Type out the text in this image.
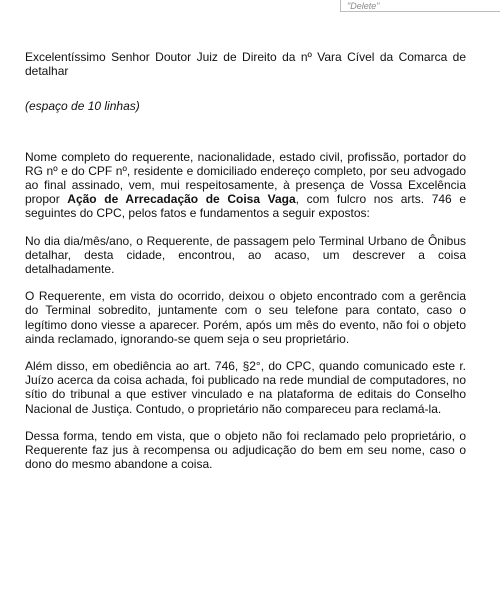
"Delete"

Excelentíssimo Senhor Doutor Juiz de Direito da nº Vara Cível da Comarca de detalhar

(espaço de 10 linhas)

Nome completo do requerente, nacionalidade, estado civil, profissão, portador do RG nº e do CPF nº, residente e domiciliado endereço completo, por seu advogado ao final assinado, vem, mui respeitosamente, à presença de Vossa Excelência propor Ação de Arrecadação de Coisa Vaga, com fulcro nos arts. 746 e seguintes do CPC, pelos fatos e fundamentos a seguir expostos:

No dia dia/mês/ano, o Requerente, de passagem pelo Terminal Urbano de Ônibus detalhar, desta cidade, encontrou, ao acaso, um descrever a coisa detalhadamente.

O Requerente, em vista do ocorrido, deixou o objeto encontrado com a gerência do Terminal sobredito, juntamente com o seu telefone para contato, caso o legítimo dono viesse a aparecer. Porém, após um mês do evento, não foi o objeto ainda reclamado, ignorando-se quem seja o seu proprietário.

Além disso, em obediência ao art. 746, §2°, do CPC, quando comunicado este r. Juízo acerca da coisa achada, foi publicado na rede mundial de computadores, no sítio do tribunal a que estiver vinculado e na plataforma de editais do Conselho Nacional de Justiça. Contudo, o proprietário não compareceu para reclamá-la.

Dessa forma, tendo em vista, que o objeto não foi reclamado pelo proprietário, o Requerente faz jus à recompensa ou adjudicação do bem em seu nome, caso o dono do mesmo abandone a coisa.
